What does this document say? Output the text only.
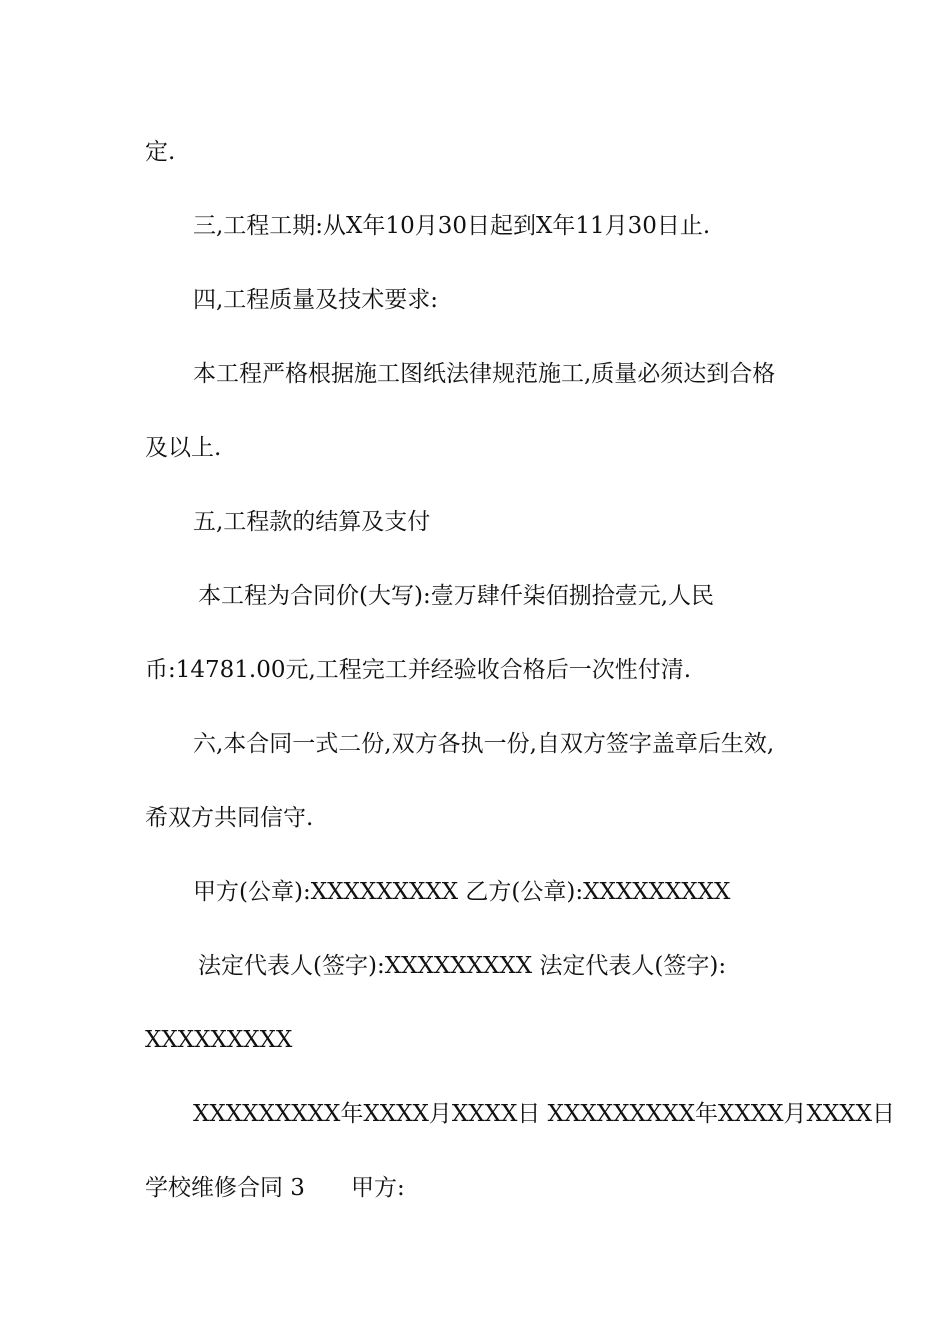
定.
三,工程工期:从X年10月30日起到X年11月30日止.
四,工程质量及技术要求:
本工程严格根据施工图纸法律规范施工,质量必须达到合格
及以上.
五,工程款的结算及支付
本工程为合同价(大写):壹万肆仟柒佰捌拾壹元,人民
币:14781.00元,工程完工并经验收合格后一次性付清.
六,本合同一式二份,双方各执一份,自双方签字盖章后生效,
希双方共同信守.
甲方(公章):XXXXXXXXX 乙方(公章):XXXXXXXXX
法定代表人(签字):XXXXXXXXX 法定代表人(签字):
XXXXXXXXX
XXXXXXXXX年XXXX月XXXX日 XXXXXXXXX年XXXX月XXXX日
学校维修合同 3　　甲方:
